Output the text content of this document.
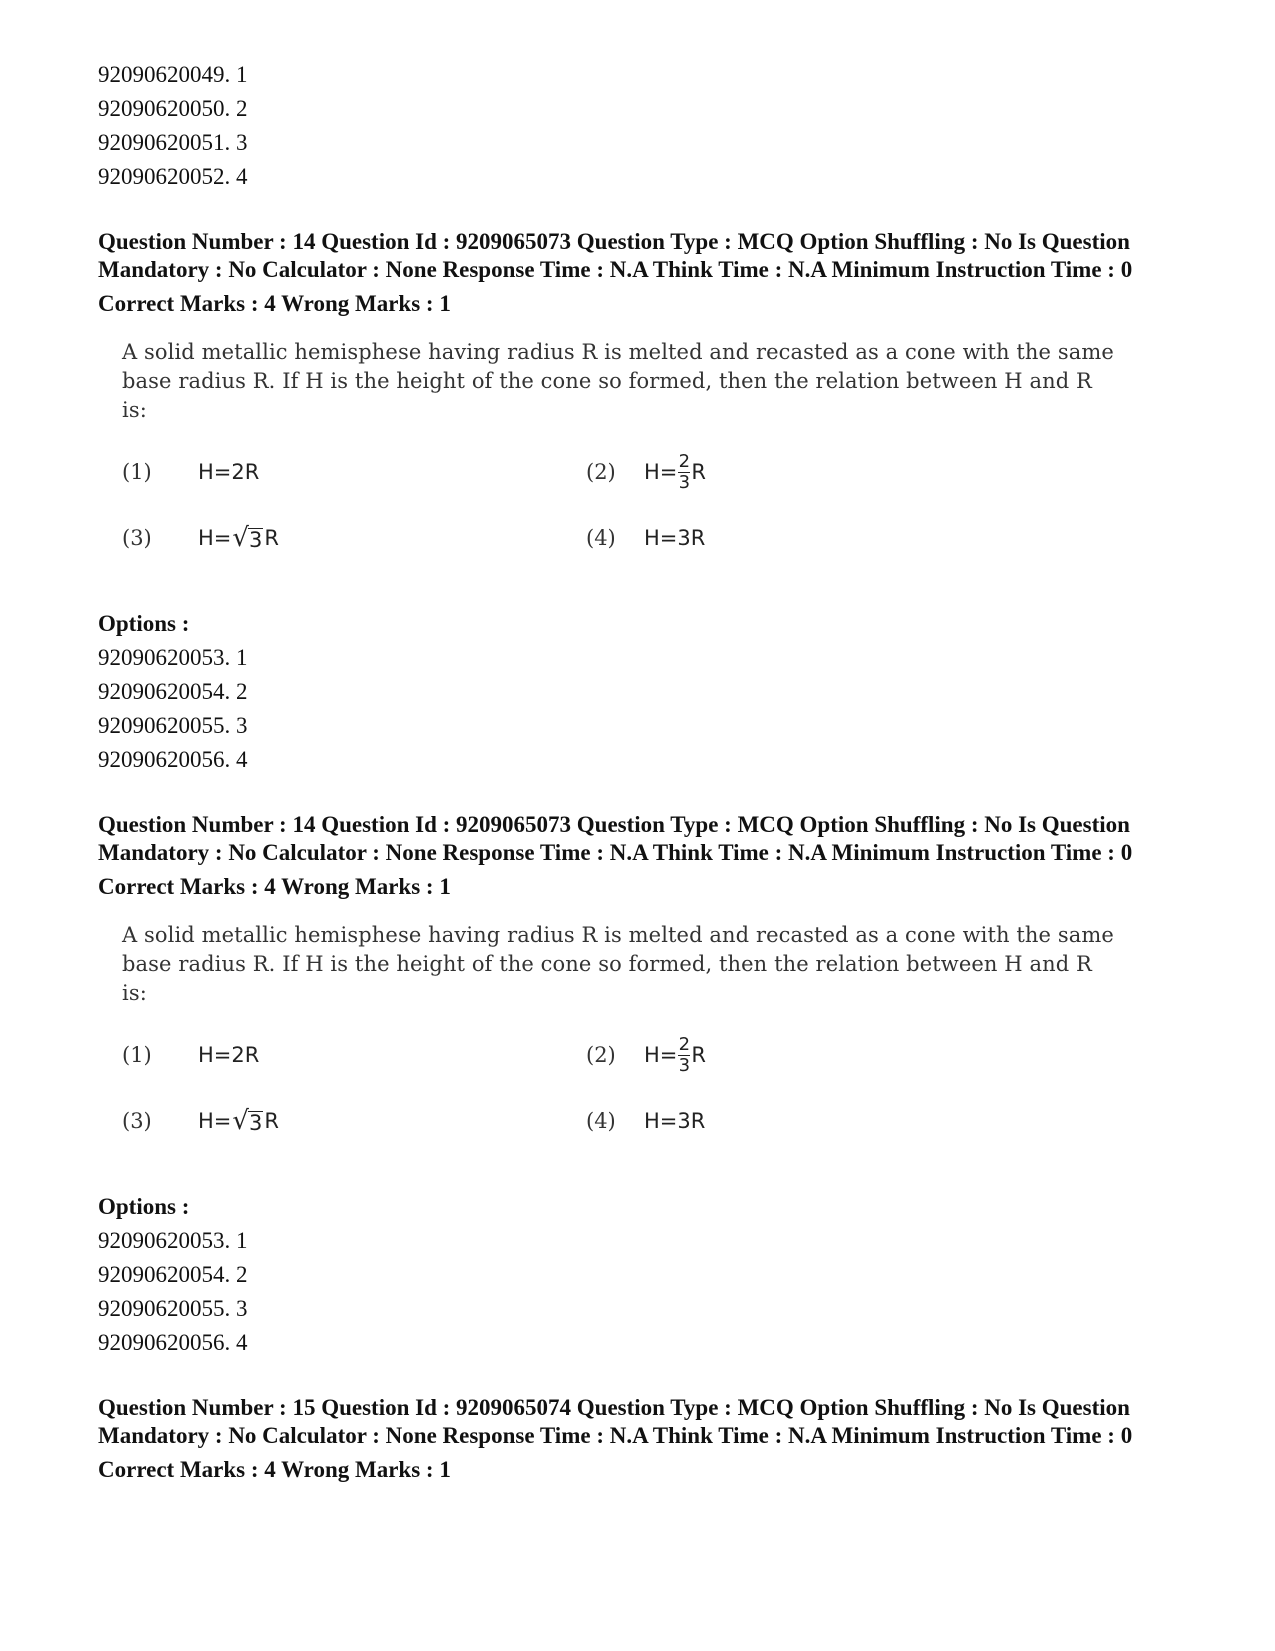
92090620049. 1
92090620050. 2
92090620051. 3
92090620052. 4
Question Number : 14 Question Id : 9209065073 Question Type : MCQ Option Shuffling : No Is Question Mandatory : No Calculator : None Response Time : N.A Think Time : N.A Minimum Instruction Time : 0
Correct Marks : 4 Wrong Marks : 1
A solid metallic hemisphese having radius R is melted and recasted as a cone with the same base radius R. If H is the height of the cone so formed, then the relation between H and R is:
(1)	H=2R	(2)	$H= \frac{2}{3}$ R
(3)	H= √ 3 R	(4)	H=3R
Options :
92090620053. 1
92090620054. 2
92090620055. 3
92090620056. 4
Question Number : 14 Question Id : 9209065073 Question Type : MCQ Option Shuffling : No Is Question Mandatory : No Calculator : None Response Time : N.A Think Time : N.A Minimum Instruction Time : 0
Correct Marks : 4 Wrong Marks : 1
A solid metallic hemisphese having radius R is melted and recasted as a cone with the same base radius R. If H is the height of the cone so formed, then the relation between H and R is:
(1)	H=2R	(2)	$H= \frac{2}{3}$ R
(3)	H= √ 3 R	(4)	H=3R
Options :
92090620053. 1
92090620054. 2
92090620055. 3
92090620056. 4
Question Number : 15 Question Id : 9209065074 Question Type : MCQ Option Shuffling : No Is Question Mandatory : No Calculator : None Response Time : N.A Think Time : N.A Minimum Instruction Time : 0
Correct Marks : 4 Wrong Marks : 1
